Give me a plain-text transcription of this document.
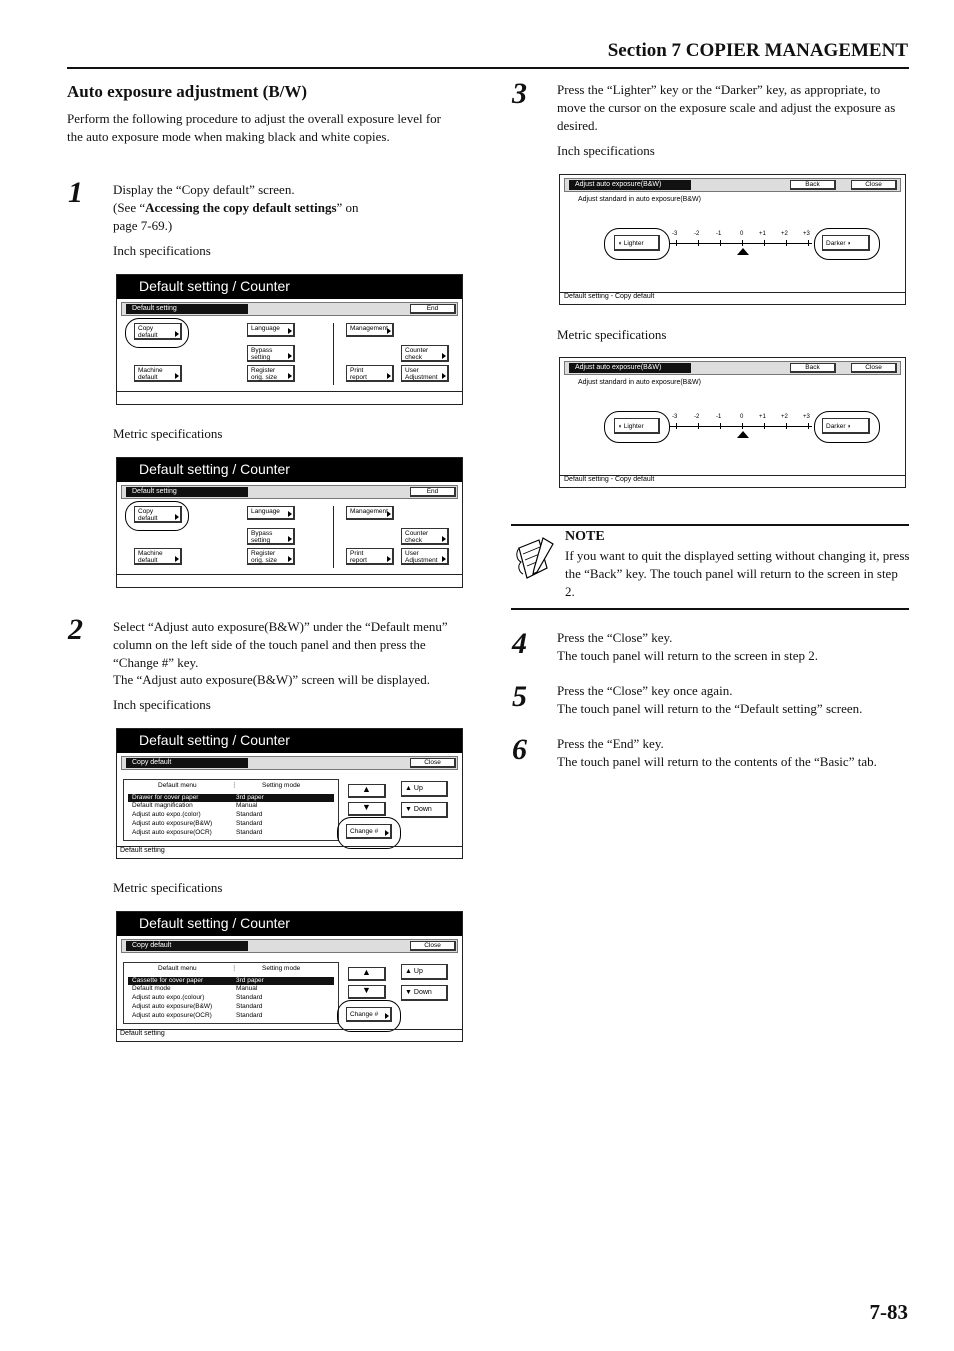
Section 7 COPIER MANAGEMENT
Auto exposure adjustment (B/W)
Perform the following procedure to adjust the overall exposure level for the auto exposure mode when making black and white copies.
1 Display the “Copy default” screen.
(See “Accessing the copy default settings” on
page 7-69.)
Inch specifications
Default setting / Counter
Default setting	End
Copy
default
Machine
default
Language
Bypass
setting
Register
orig. size
Management
Counter
check
Print
report
User
Adjustment
Metric specifications
Default setting / Counter
Default setting	End
Copy
default
Machine
default
Language
Bypass
setting
Register
orig. size
Management
Counter
check
Print
report
User
Adjustment
2 Select “Adjust auto exposure(B&W)” under the “Default menu” column on the left side of the touch panel and then press the “Change #” key.
The “Adjust auto exposure(B&W)” screen will be displayed.
Inch specifications
Default setting / Counter
Copy default	Close
Default menu	⋮	Setting mode
Drawer for cover paper	3rd paper
Default magnification	Manual
Adjust auto expo.(color)	Standard
Adjust auto exposure(B&W)	Standard
Adjust auto exposure(OCR)	Standard
▲
▼
▲ Up
▼ Down
Change #
Default setting
Metric specifications
Default setting / Counter
Copy default	Close
Default menu	⋮	Setting mode
Cassette for cover paper	3rd paper
Default mode	Manual
Adjust auto expo.(colour)	Standard
Adjust auto exposure(B&W)	Standard
Adjust auto exposure(OCR)	Standard
▲
▼
▲ Up
▼ Down
Change #
Default setting
3 Press the “Lighter” key or the “Darker” key, as appropriate, to move the cursor on the exposure scale and adjust the exposure as desired.
Inch specifications
Adjust auto exposure(B&W)	Back	Close
Adjust standard in auto exposure(B&W)
◖ Lighter	Darker ◗
-3	-2	-1	0	+1	+2	+3
Default setting - Copy default
Metric specifications
Adjust auto exposure(B&W)	Back	Close
Adjust standard in auto exposure(B&W)
◖ Lighter	Darker ◗
-3	-2	-1	0	+1	+2	+3
Default setting - Copy default
NOTE
If you want to quit the displayed setting without changing it, press the “Back” key. The touch panel will return to the screen in step 2.
4 Press the “Close” key.
The touch panel will return to the screen in step 2.
5 Press the “Close” key once again.
The touch panel will return to the “Default setting” screen.
6 Press the “End” key.
The touch panel will return to the contents of the “Basic” tab.
7-83
